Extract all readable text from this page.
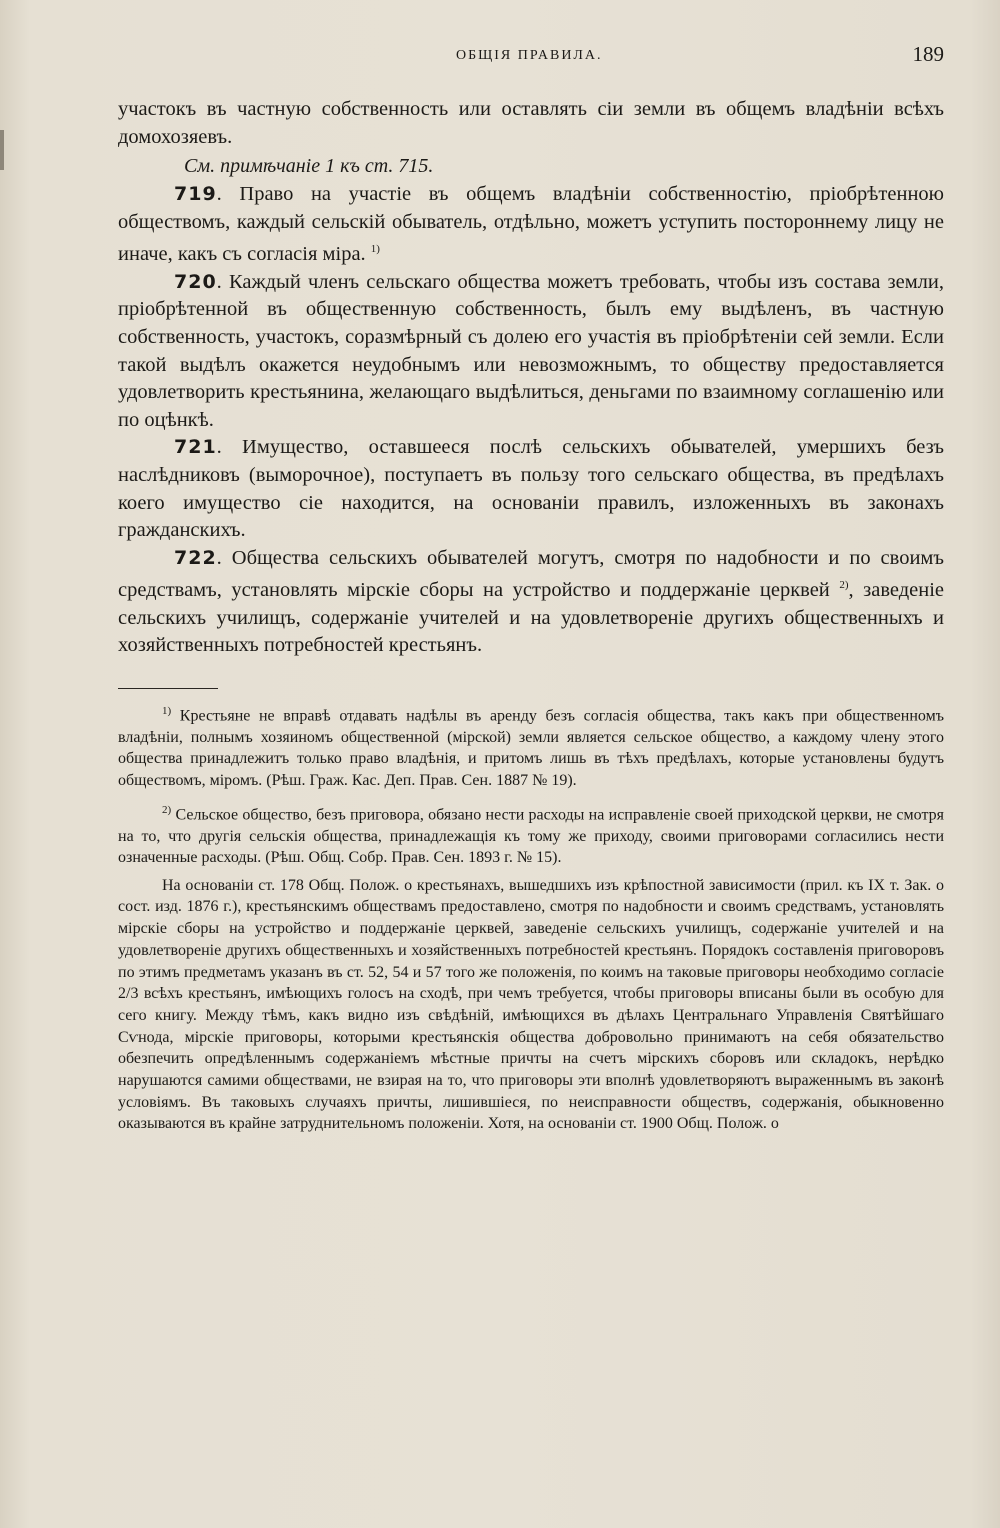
ОБЩІЯ ПРАВИЛА.	189

участокъ въ частную собственность или оставлять сіи земли въ общемъ владѣніи всѣхъ домохозяевъ.

См. примѣчаніе 1 къ ст. 715.

719. Право на участіе въ общемъ владѣніи собственностію, пріобрѣтенною обществомъ, каждый сельскій обыватель, отдѣльно, можетъ уступить постороннему лицу не иначе, какъ съ согласія міра. $^{1)}$

720. Каждый членъ сельскаго общества можетъ требовать, чтобы изъ состава земли, пріобрѣтенной въ общественную собственность, былъ ему выдѣленъ, въ частную собственность, участокъ, соразмѣрный съ долею его участія въ пріобрѣтеніи сей земли. Если такой выдѣлъ окажется неудобнымъ или невозможнымъ, то обществу предоставляется удовлетворить крестьянина, желающаго выдѣлиться, деньгами по взаимному соглашенію или по оцѣнкѣ.

721. Имущество, оставшееся послѣ сельскихъ обывателей, умершихъ безъ наслѣдниковъ (выморочное), поступаетъ въ пользу того сельскаго общества, въ предѣлахъ коего имущество сіе находится, на основаніи правилъ, изложенныхъ въ законахъ гражданскихъ.

722. Общества сельскихъ обывателей могутъ, смотря по надобности и по своимъ средствамъ, установлять мірскіе сборы на устройство и поддержаніе церквей $^{2)}$, заведеніе сельскихъ училищъ, содержаніе учителей и на удовлетвореніе другихъ общественныхъ и хозяйственныхъ потребностей крестьянъ.

$^{1)}$ Крестьяне не вправѣ отдавать надѣлы въ аренду безъ согласія общества, такъ какъ при общественномъ владѣніи, полнымъ хозяиномъ общественной (мірской) земли является сельское общество, а каждому члену этого общества принадлежитъ только право владѣнія, и притомъ лишь въ тѣхъ предѣлахъ, которые установлены будутъ обществомъ, міромъ. (Рѣш. Граж. Кас. Деп. Прав. Сен. 1887 № 19).

$^{2)}$ Сельское общество, безъ приговора, обязано нести расходы на исправленіе своей приходской церкви, не смотря на то, что другія сельскія общества, принадлежащія къ тому же приходу, своими приговорами согласились нести означенные расходы. (Рѣш. Общ. Собр. Прав. Сен. 1893 г. № 15).

На основаніи ст. 178 Общ. Полож. о крестьянахъ, вышедшихъ изъ крѣпостной зависимости (прил. къ IX т. Зак. о сост. изд. 1876 г.), крестьянскимъ обществамъ предоставлено, смотря по надобности и своимъ средствамъ, установлять мірскіе сборы на устройство и поддержаніе церквей, заведеніе сельскихъ училищъ, содержаніе учителей и на удовлетвореніе другихъ общественныхъ и хозяйственныхъ потребностей крестьянъ. Порядокъ составленія приговоровъ по этимъ предметамъ указанъ въ ст. 52, 54 и 57 того же положенія, по коимъ на таковые приговоры необходимо согласіе 2/3 всѣхъ крестьянъ, имѣющихъ голосъ на сходѣ, при чемъ требуется, чтобы приговоры вписаны были въ особую для сего книгу. Между тѣмъ, какъ видно изъ свѣдѣній, имѣющихся въ дѣлахъ Центральнаго Управленія Святѣйшаго Сѵнода, мірскіе приговоры, которыми крестьянскія общества добровольно принимаютъ на себя обязательство обезпечить опредѣленнымъ содержаніемъ мѣстные причты на счетъ мірскихъ сборовъ или складокъ, нерѣдко нарушаются самими обществами, не взирая на то, что приговоры эти вполнѣ удовлетворяютъ выраженнымъ въ законѣ условіямъ. Въ таковыхъ случаяхъ причты, лишившіеся, по неисправности обществъ, содержанія, обыкновенно оказываются въ крайне затруднительномъ положеніи. Хотя, на основаніи ст. 1900 Общ. Полож. о
